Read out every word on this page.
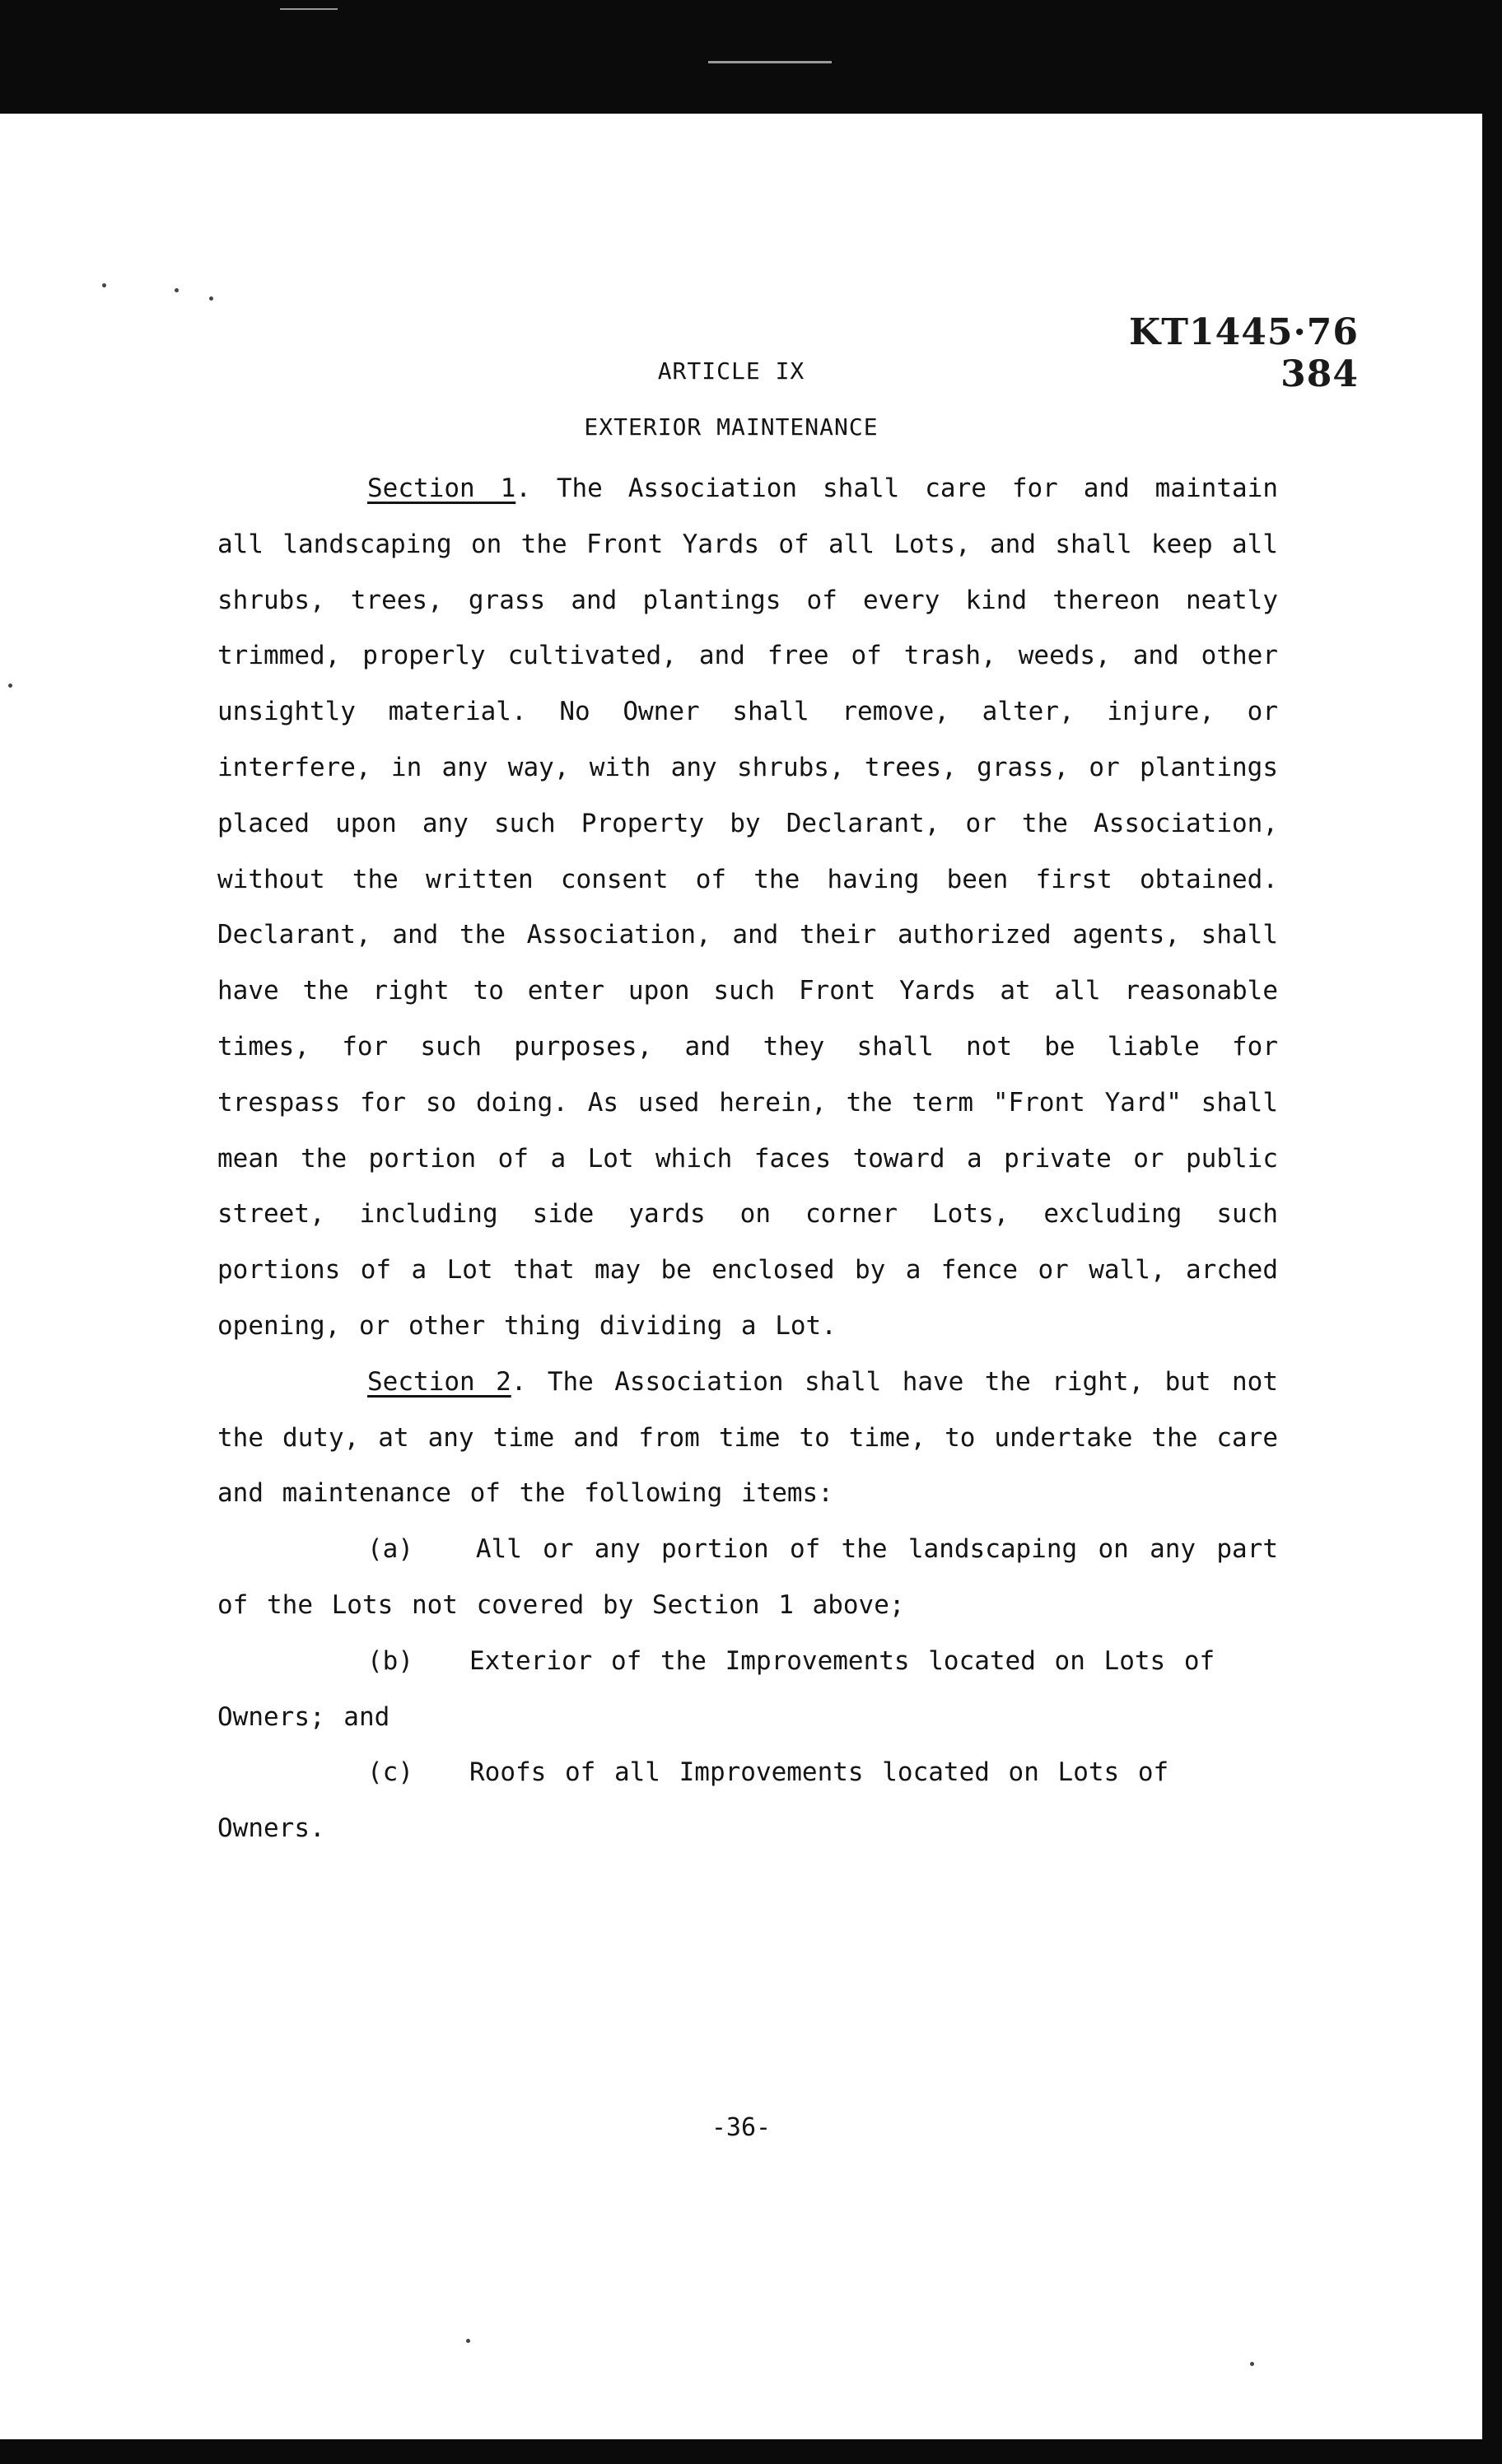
KT1445·76 384
ARTICLE IX
EXTERIOR MAINTENANCE

Section 1. The Association shall care for and maintain all landscaping on the Front Yards of all Lots, and shall keep all shrubs, trees, grass and plantings of every kind thereon neatly trimmed, properly cultivated, and free of trash, weeds, and other unsightly material. No Owner shall remove, alter, injure, or interfere, in any way, with any shrubs, trees, grass, or plantings placed upon any such Property by Declarant, or the Association, without the written consent of the having been first obtained. Declarant, and the Association, and their authorized agents, shall have the right to enter upon such Front Yards at all reasonable times, for such purposes, and they shall not be liable for trespass for so doing. As used herein, the term "Front Yard" shall mean the portion of a Lot which faces toward a private or public street, including side yards on corner Lots, excluding such portions of a Lot that may be enclosed by a fence or wall, arched opening, or other thing dividing a Lot.

Section 2. The Association shall have the right, but not the duty, at any time and from time to time, to undertake the care and maintenance of the following items:

(a) All or any portion of the landscaping on any part of the Lots not covered by Section 1 above;

(b) Exterior of the Improvements located on Lots of Owners; and

(c) Roofs of all Improvements located on Lots of Owners.

-36-
